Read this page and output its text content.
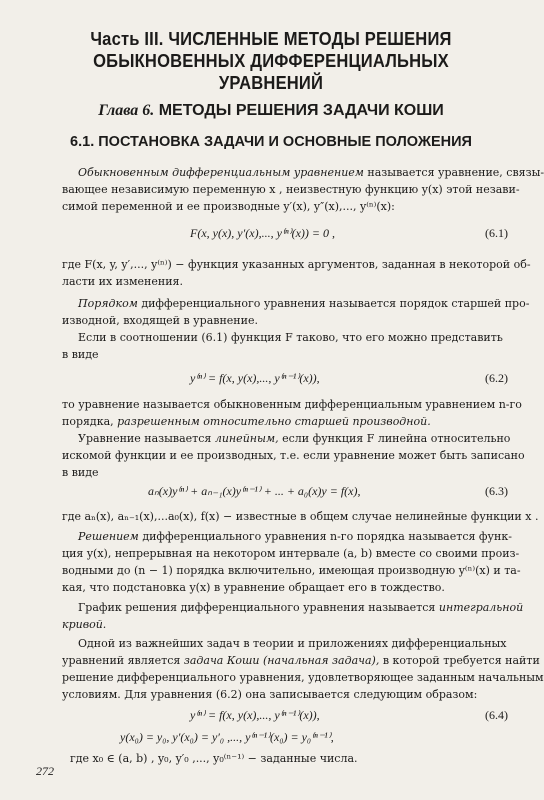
Часть III. ЧИСЛЕННЫЕ МЕТОДЫ РЕШЕНИЯ
ОБЫКНОВЕННЫХ ДИФФЕРЕНЦИАЛЬНЫХ
УРАВНЕНИЙ
Глава 6. МЕТОДЫ РЕШЕНИЯ ЗАДАЧИ КОШИ
6.1. ПОСТАНОВКА ЗАДАЧИ И ОСНОВНЫЕ ПОЛОЖЕНИЯ
Обыкновенным дифференциальным уравнением называется уравнение, связы-
вающее независимую переменную x , неизвестную функцию y(x) этой незави-
симой переменной и ее производные y′(x), y″(x),..., y⁽ⁿ⁾(x):
F(x, y(x), y′(x),..., y⁽ⁿ⁾(x)) = 0 ,	(6.1)
где F(x, y, y′,..., y⁽ⁿ⁾) − функция указанных аргументов, заданная в некоторой об-
ласти их изменения.
Порядком дифференциального уравнения называется порядок старшей про-
изводной, входящей в уравнение.
Если в соотношении (6.1) функция F таково, что его можно представить
в виде
y⁽ⁿ⁾ = f(x, y(x),..., y⁽ⁿ⁻¹⁾(x)),	(6.2)
то уравнение называется обыкновенным дифференциальным уравнением n-го
порядка, разрешенным относительно старшей производной.
Уравнение называется линейным, если функция F линейна относительно
искомой функции и ее производных, т.е. если уравнение может быть записано
в виде
aₙ(x)y⁽ⁿ⁾ + aₙ₋₁(x)y⁽ⁿ⁻¹⁾ + ... + a₀(x)y = f(x),	(6.3)
где aₙ(x), aₙ₋₁(x),...a₀(x), f(x) − известные в общем случае нелинейные функции x .
Решением дифференциального уравнения n-го порядка называется функ-
ция y(x), непрерывная на некотором интервале (a, b) вместе со своими произ-
водными до (n − 1) порядка включительно, имеющая производную y⁽ⁿ⁾(x) и та-
кая, что подстановка y(x) в уравнение обращает его в тождество.
График решения дифференциального уравнения называется интегральной
кривой.
Одной из важнейших задач в теории и приложениях дифференциальных
уравнений является задача Коши (начальная задача), в которой требуется найти
решение дифференциального уравнения, удовлетворяющее заданным начальным
условиям. Для уравнения (6.2) она записывается следующим образом:
y⁽ⁿ⁾ = f(x, y(x),..., y⁽ⁿ⁻¹⁾(x)),	(6.4)
y(x₀) = y₀, y′(x₀) = y′₀ ,..., y⁽ⁿ⁻¹⁾(x₀) = y₀⁽ⁿ⁻¹⁾,
где x₀ ∈ (a, b) , y₀, y′₀ ,..., y₀⁽ⁿ⁻¹⁾ − заданные числа.
272
